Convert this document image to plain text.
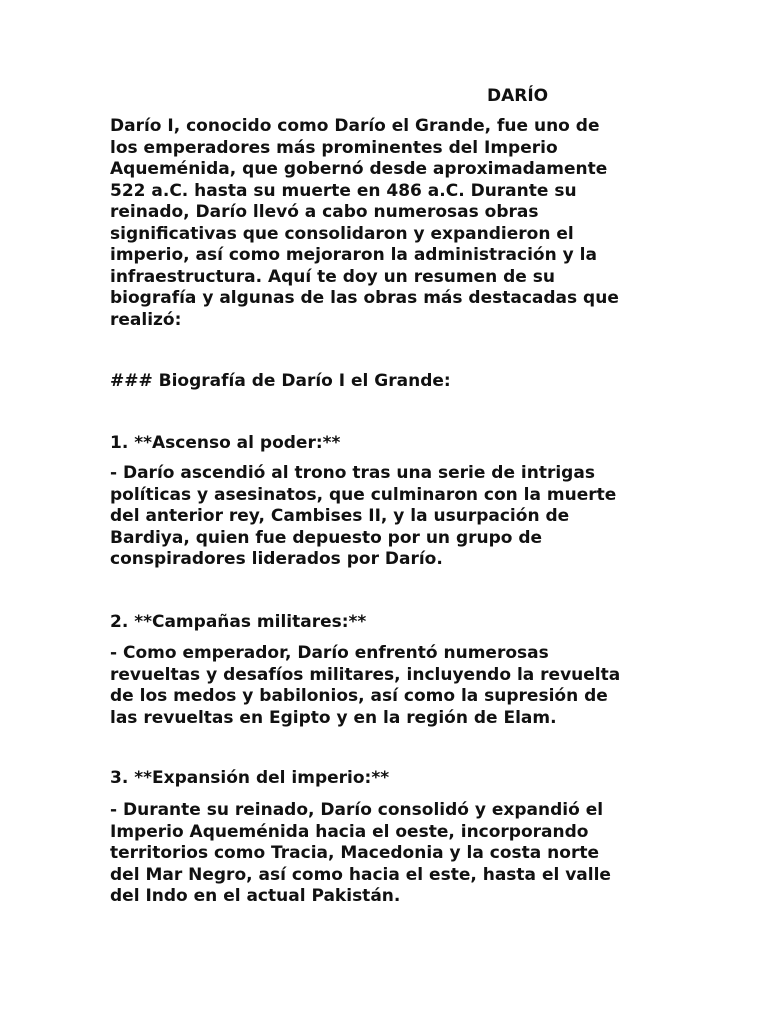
DARÍO

Darío I, conocido como Darío el Grande, fue uno de
los emperadores más prominentes del Imperio
Aqueménida, que gobernó desde aproximadamente
522 a.C. hasta su muerte en 486 a.C. Durante su
reinado, Darío llevó a cabo numerosas obras
significativas que consolidaron y expandieron el
imperio, así como mejoraron la administración y la
infraestructura. Aquí te doy un resumen de su
biografía y algunas de las obras más destacadas que
realizó:

### Biografía de Darío I el Grande:

1. **Ascenso al poder:**

- Darío ascendió al trono tras una serie de intrigas
políticas y asesinatos, que culminaron con la muerte
del anterior rey, Cambises II, y la usurpación de
Bardiya, quien fue depuesto por un grupo de
conspiradores liderados por Darío.

2. **Campañas militares:**

- Como emperador, Darío enfrentó numerosas
revueltas y desafíos militares, incluyendo la revuelta
de los medos y babilonios, así como la supresión de
las revueltas en Egipto y en la región de Elam.

3. **Expansión del imperio:**

- Durante su reinado, Darío consolidó y expandió el
Imperio Aqueménida hacia el oeste, incorporando
territorios como Tracia, Macedonia y la costa norte
del Mar Negro, así como hacia el este, hasta el valle
del Indo en el actual Pakistán.
